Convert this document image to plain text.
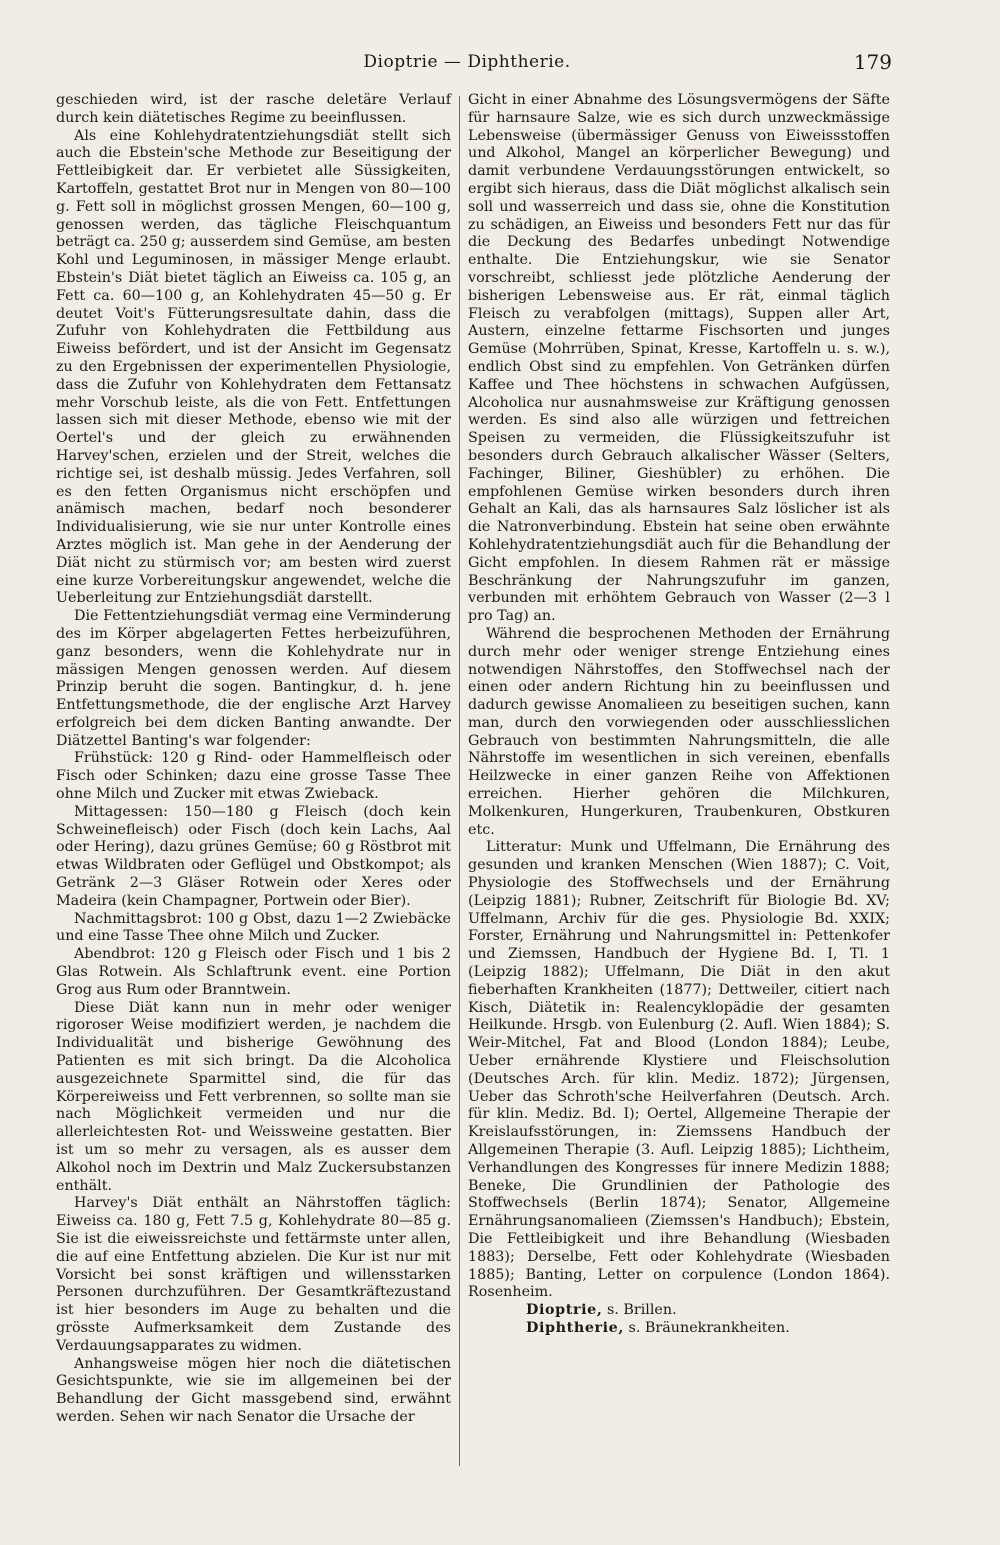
Dioptrie — Diphtherie.	179

geschieden wird, ist der rasche deletäre Verlauf durch kein diätetisches Regime zu beeinflussen.

Als eine Kohlehydratentziehungsdiät stellt sich auch die Ebstein'sche Methode zur Beseitigung der Fettleibigkeit dar. Er verbietet alle Süssigkeiten, Kartoffeln, gestattet Brot nur in Mengen von 80—100 g. Fett soll in möglichst grossen Mengen, 60—100 g, genossen werden, das tägliche Fleischquantum beträgt ca. 250 g; ausserdem sind Gemüse, am besten Kohl und Leguminosen, in mässiger Menge erlaubt. Ebstein's Diät bietet täglich an Eiweiss ca. 105 g, an Fett ca. 60—100 g, an Kohlehydraten 45—50 g. Er deutet Voit's Fütterungsresultate dahin, dass die Zufuhr von Kohlehydraten die Fettbildung aus Eiweiss befördert, und ist der Ansicht im Gegensatz zu den Ergebnissen der experimentellen Physiologie, dass die Zufuhr von Kohlehydraten dem Fettansatz mehr Vorschub leiste, als die von Fett. Entfettungen lassen sich mit dieser Methode, ebenso wie mit der Oertel's und der gleich zu erwähnenden Harvey'schen, erzielen und der Streit, welches die richtige sei, ist deshalb müssig. Jedes Verfahren, soll es den fetten Organismus nicht erschöpfen und anämisch machen, bedarf noch besonderer Individualisierung, wie sie nur unter Kontrolle eines Arztes möglich ist. Man gehe in der Aenderung der Diät nicht zu stürmisch vor; am besten wird zuerst eine kurze Vorbereitungskur angewendet, welche die Ueberleitung zur Entziehungsdiät darstellt.

Die Fettentziehungsdiät vermag eine Verminderung des im Körper abgelagerten Fettes herbeizuführen, ganz besonders, wenn die Kohlehydrate nur in mässigen Mengen genossen werden. Auf diesem Prinzip beruht die sogen. Bantingkur, d. h. jene Entfettungsmethode, die der englische Arzt Harvey erfolgreich bei dem dicken Banting anwandte. Der Diätzettel Banting's war folgender:

Frühstück: 120 g Rind- oder Hammelfleisch oder Fisch oder Schinken; dazu eine grosse Tasse Thee ohne Milch und Zucker mit etwas Zwieback.

Mittagessen: 150—180 g Fleisch (doch kein Schweinefleisch) oder Fisch (doch kein Lachs, Aal oder Hering), dazu grünes Gemüse; 60 g Röstbrot mit etwas Wildbraten oder Geflügel und Obstkompot; als Getränk 2—3 Gläser Rotwein oder Xeres oder Madeira (kein Champagner, Portwein oder Bier).

Nachmittagsbrot: 100 g Obst, dazu 1—2 Zwiebäcke und eine Tasse Thee ohne Milch und Zucker.

Abendbrot: 120 g Fleisch oder Fisch und 1 bis 2 Glas Rotwein. Als Schlaftrunk event. eine Portion Grog aus Rum oder Branntwein.

Diese Diät kann nun in mehr oder weniger rigoroser Weise modifiziert werden, je nachdem die Individualität und bisherige Gewöhnung des Patienten es mit sich bringt. Da die Alcoholica ausgezeichnete Sparmittel sind, die für das Körpereiweiss und Fett verbrennen, so sollte man sie nach Möglichkeit vermeiden und nur die allerleichtesten Rot- und Weissweine gestatten. Bier ist um so mehr zu versagen, als es ausser dem Alkohol noch im Dextrin und Malz Zuckersubstanzen enthält.

Harvey's Diät enthält an Nährstoffen täglich: Eiweiss ca. 180 g, Fett 7.5 g, Kohlehydrate 80—85 g. Sie ist die eiweissreichste und fettärmste unter allen, die auf eine Entfettung abzielen. Die Kur ist nur mit Vorsicht bei sonst kräftigen und willensstarken Personen durchzuführen. Der Gesamtkräftezustand ist hier besonders im Auge zu behalten und die grösste Aufmerksamkeit dem Zustande des Verdauungsapparates zu widmen.

Anhangsweise mögen hier noch die diätetischen Gesichtspunkte, wie sie im allgemeinen bei der Behandlung der Gicht massgebend sind, erwähnt werden. Sehen wir nach Senator die Ursache der

Gicht in einer Abnahme des Lösungsvermögens der Säfte für harnsaure Salze, wie es sich durch unzweckmässige Lebensweise (übermässiger Genuss von Eiweissstoffen und Alkohol, Mangel an körperlicher Bewegung) und damit verbundene Verdauungsstörungen entwickelt, so ergibt sich hieraus, dass die Diät möglichst alkalisch sein soll und wasserreich und dass sie, ohne die Konstitution zu schädigen, an Eiweiss und besonders Fett nur das für die Deckung des Bedarfes unbedingt Notwendige enthalte. Die Entziehungskur, wie sie Senator vorschreibt, schliesst jede plötzliche Aenderung der bisherigen Lebensweise aus. Er rät, einmal täglich Fleisch zu verabfolgen (mittags), Suppen aller Art, Austern, einzelne fettarme Fischsorten und junges Gemüse (Mohrrüben, Spinat, Kresse, Kartoffeln u. s. w.), endlich Obst sind zu empfehlen. Von Getränken dürfen Kaffee und Thee höchstens in schwachen Aufgüssen, Alcoholica nur ausnahmsweise zur Kräftigung genossen werden. Es sind also alle würzigen und fettreichen Speisen zu vermeiden, die Flüssigkeitszufuhr ist besonders durch Gebrauch alkalischer Wässer (Selters, Fachinger, Biliner, Gieshübler) zu erhöhen. Die empfohlenen Gemüse wirken besonders durch ihren Gehalt an Kali, das als harnsaures Salz löslicher ist als die Natronverbindung. Ebstein hat seine oben erwähnte Kohlehydratentziehungsdiät auch für die Behandlung der Gicht empfohlen. In diesem Rahmen rät er mässige Beschränkung der Nahrungszufuhr im ganzen, verbunden mit erhöhtem Gebrauch von Wasser (2—3 l pro Tag) an.

Während die besprochenen Methoden der Ernährung durch mehr oder weniger strenge Entziehung eines notwendigen Nährstoffes, den Stoffwechsel nach der einen oder andern Richtung hin zu beeinflussen und dadurch gewisse Anomalieen zu beseitigen suchen, kann man, durch den vorwiegenden oder ausschliesslichen Gebrauch von bestimmten Nahrungsmitteln, die alle Nährstoffe im wesentlichen in sich vereinen, ebenfalls Heilzwecke in einer ganzen Reihe von Affektionen erreichen. Hierher gehören die Milchkuren, Molkenkuren, Hungerkuren, Traubenkuren, Obstkuren etc.

Litteratur: Munk und Uffelmann, Die Ernährung des gesunden und kranken Menschen (Wien 1887); C. Voit, Physiologie des Stoffwechsels und der Ernährung (Leipzig 1881); Rubner, Zeitschrift für Biologie Bd. XV; Uffelmann, Archiv für die ges. Physiologie Bd. XXIX; Forster, Ernährung und Nahrungsmittel in: Pettenkofer und Ziemssen, Handbuch der Hygiene Bd. I, Tl. 1 (Leipzig 1882); Uffelmann, Die Diät in den akut fieberhaften Krankheiten (1877); Dettweiler, citiert nach Kisch, Diätetik in: Realencyklopädie der gesamten Heilkunde. Hrsgb. von Eulenburg (2. Aufl. Wien 1884); S. Weir-Mitchel, Fat and Blood (London 1884); Leube, Ueber ernährende Klystiere und Fleischsolution (Deutsches Arch. für klin. Mediz. 1872); Jürgensen, Ueber das Schroth'sche Heilverfahren (Deutsch. Arch. für klin. Mediz. Bd. I); Oertel, Allgemeine Therapie der Kreislaufsstörungen, in: Ziemssens Handbuch der Allgemeinen Therapie (3. Aufl. Leipzig 1885); Lichtheim, Verhandlungen des Kongresses für innere Medizin 1888; Beneke, Die Grundlinien der Pathologie des Stoffwechsels (Berlin 1874); Senator, Allgemeine Ernährungsanomalieen (Ziemssen's Handbuch); Ebstein, Die Fettleibigkeit und ihre Behandlung (Wiesbaden 1883); Derselbe, Fett oder Kohlehydrate (Wiesbaden 1885); Banting, Letter on corpulence (London 1864). Rosenheim.

Dioptrie, s. Brillen.

Diphtherie, s. Bräunekrankheiten.
